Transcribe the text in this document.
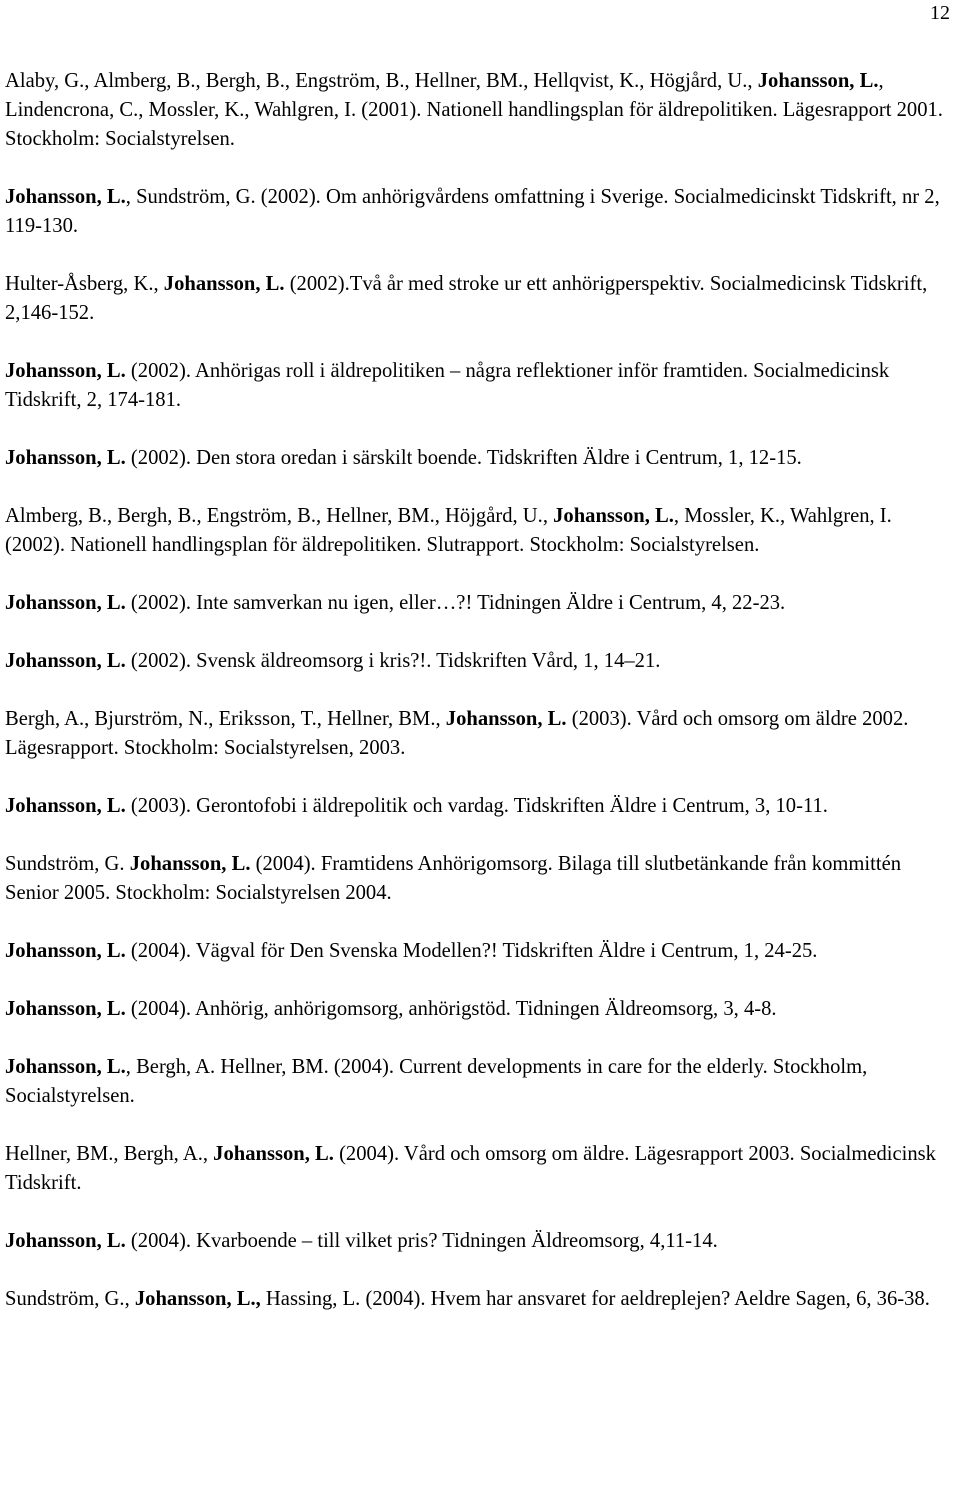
12

Alaby, G., Almberg, B., Bergh, B., Engström, B., Hellner, BM., Hellqvist, K., Högjård, U., Johansson, L., Lindencrona, C., Mossler, K., Wahlgren, I. (2001). Nationell handlingsplan för äldrepolitiken. Lägesrapport 2001. Stockholm: Socialstyrelsen.

Johansson, L., Sundström, G. (2002). Om anhörigvårdens omfattning i Sverige. Socialmedicinskt Tidskrift, nr 2, 119-130.

Hulter-Åsberg, K., Johansson, L. (2002).Två år med stroke ur ett anhörigperspektiv. Socialmedicinsk Tidskrift, 2,146-152.

Johansson, L. (2002). Anhörigas roll i äldrepolitiken – några reflektioner inför framtiden. Socialmedicinsk Tidskrift, 2, 174-181.

Johansson, L. (2002). Den stora oredan i särskilt boende. Tidskriften Äldre i Centrum, 1, 12-15.

Almberg, B., Bergh, B., Engström, B., Hellner, BM., Höjgård, U., Johansson, L., Mossler, K., Wahlgren, I. (2002). Nationell handlingsplan för äldrepolitiken. Slutrapport. Stockholm: Socialstyrelsen.

Johansson, L. (2002). Inte samverkan nu igen, eller…?! Tidningen Äldre i Centrum, 4, 22-23.

Johansson, L. (2002). Svensk äldreomsorg i kris?!. Tidskriften Vård, 1, 14–21.

Bergh, A., Bjurström, N., Eriksson, T., Hellner, BM., Johansson, L. (2003). Vård och omsorg om äldre 2002. Lägesrapport. Stockholm: Socialstyrelsen, 2003.

Johansson, L. (2003). Gerontofobi i äldrepolitik och vardag. Tidskriften Äldre i Centrum, 3, 10-11.

Sundström, G. Johansson, L. (2004). Framtidens Anhörigomsorg. Bilaga till slutbetänkande från kommittén Senior 2005. Stockholm: Socialstyrelsen 2004.

Johansson, L. (2004). Vägval för Den Svenska Modellen?! Tidskriften Äldre i Centrum, 1, 24-25.

Johansson, L. (2004). Anhörig, anhörigomsorg, anhörigstöd. Tidningen Äldreomsorg, 3, 4-8.

Johansson, L., Bergh, A. Hellner, BM. (2004). Current developments in care for the elderly. Stockholm, Socialstyrelsen.

Hellner, BM., Bergh, A., Johansson, L. (2004). Vård och omsorg om äldre. Lägesrapport 2003. Socialmedicinsk Tidskrift.

Johansson, L. (2004). Kvarboende – till vilket pris? Tidningen Äldreomsorg, 4,11-14.

Sundström, G., Johansson, L., Hassing, L. (2004). Hvem har ansvaret for aeldreplejen? Aeldre Sagen, 6, 36-38.
